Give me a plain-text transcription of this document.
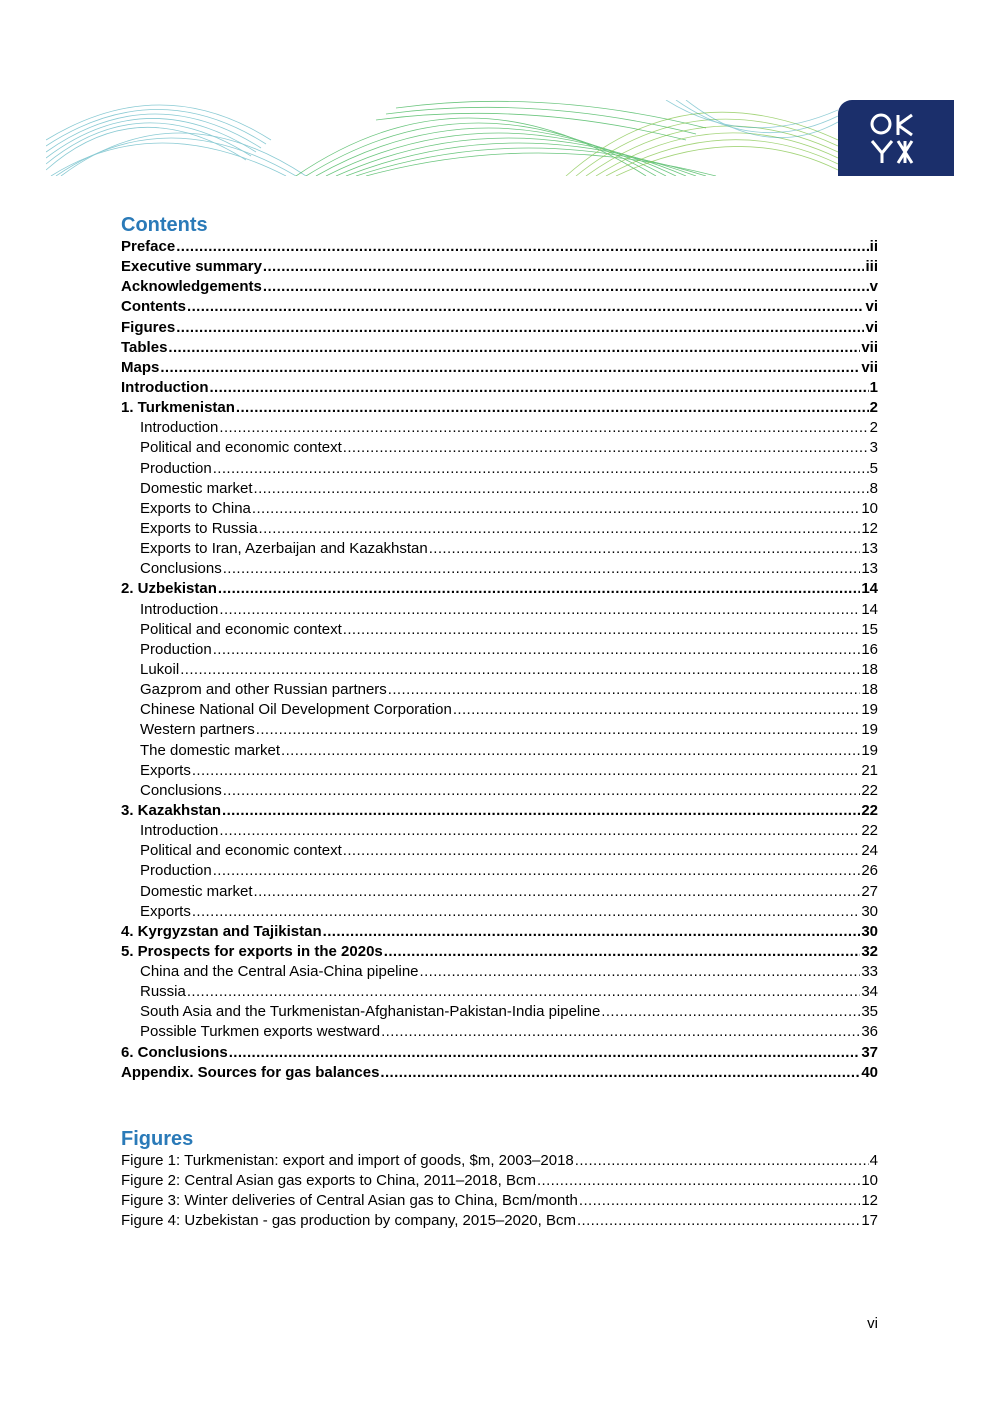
Contents
Preface .....	ii
Executive summary .....	iii
Acknowledgements .....	v
Contents .....	vi
Figures .....	vi
Tables .....	vii
Maps .....	vii
Introduction .....	1
1. Turkmenistan .....	2
Introduction .....	2
Political and economic context .....	3
Production .....	5
Domestic market .....	8
Exports to China .....	10
Exports to Russia .....	12
Exports to Iran, Azerbaijan and Kazakhstan .....	13
Conclusions .....	13
2. Uzbekistan .....	14
Introduction .....	14
Political and economic context .....	15
Production .....	16
Lukoil .....	18
Gazprom and other Russian partners .....	18
Chinese National Oil Development Corporation .....	19
Western partners .....	19
The domestic market .....	19
Exports .....	21
Conclusions .....	22
3. Kazakhstan .....	22
Introduction .....	22
Political and economic context .....	24
Production .....	26
Domestic market .....	27
Exports .....	30
4. Kyrgyzstan and Tajikistan .....	30
5. Prospects for exports in the 2020s .....	32
China and the Central Asia-China pipeline .....	33
Russia .....	34
South Asia and the Turkmenistan-Afghanistan-Pakistan-India pipeline .....	35
Possible Turkmen exports westward .....	36
6. Conclusions .....	37
Appendix. Sources for gas balances .....	40
Figures
Figure 1: Turkmenistan: export and import of goods, $m, 2003–2018 .....	4
Figure 2: Central Asian gas exports to China, 2011–2018, Bcm .....	10
Figure 3: Winter deliveries of Central Asian gas to China, Bcm/month .....	12
Figure 4: Uzbekistan - gas production by company, 2015–2020, Bcm .....	17
vi
